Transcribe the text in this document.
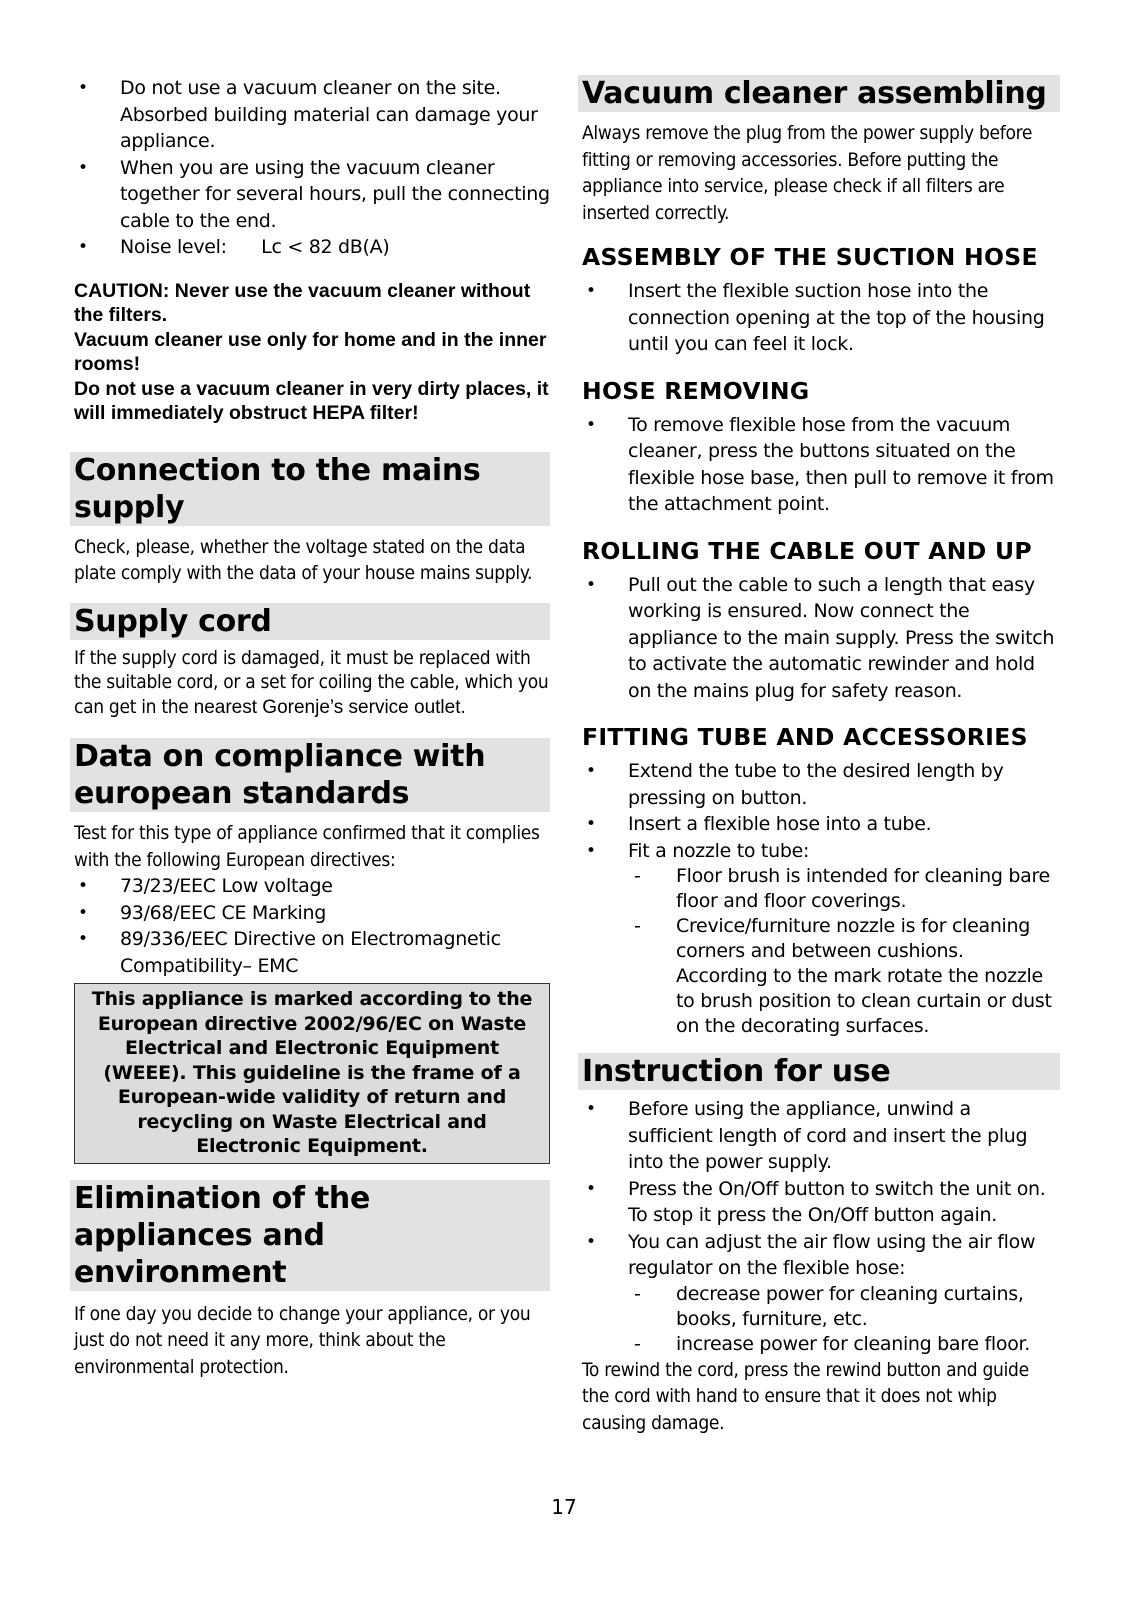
• Do not use a vacuum cleaner on the site. Absorbed building material can damage your appliance.
• When you are using the vacuum cleaner together for several hours, pull the connecting cable to the end.
• Noise level:      Lc < 82 dB(A)
CAUTION: Never use the vacuum cleaner without the filters.
Vacuum cleaner use only for home and in the inner rooms!
Do not use a vacuum cleaner in very dirty places, it will immediately obstruct HEPA filter!
Connection to the mains supply
Check, please, whether the voltage stated on the data plate comply with the data of your house mains supply.
Supply cord
If the supply cord is damaged, it must be replaced with the suitable cord, or a set for coiling the cable, which you can get in the nearest Gorenje’s service outlet.
Data on compliance with european standards
Test for this type of appliance confirmed that it complies with the following European directives:
• 73/23/EEC Low voltage
• 93/68/EEC CE Marking
• 89/336/EEC Directive on Electromagnetic Compatibility– EMC
This appliance is marked according to the European directive 2002/96/EC on Waste Electrical and Electronic Equipment (WEEE). This guideline is the frame of a European-wide validity of return and recycling on Waste Electrical and Electronic Equipment.
Elimination of the appliances and environment
If one day you decide to change your appliance, or you just do not need it any more, think about the environmental protection.
Vacuum cleaner assembling
Always remove the plug from the power supply before fitting or removing accessories. Before putting the appliance into service, please check if all filters are inserted correctly.
ASSEMBLY OF THE SUCTION HOSE
• Insert the flexible suction hose into the connection opening at the top of the housing until you can feel it lock.
HOSE REMOVING
• To remove flexible hose from the vacuum cleaner, press the buttons situated on the flexible hose base, then pull to remove it from the attachment point.
ROLLING THE CABLE OUT AND UP
• Pull out the cable to such a length that easy working is ensured. Now connect the appliance to the main supply. Press the switch to activate the automatic rewinder and hold on the mains plug for safety reason.
FITTING TUBE AND ACCESSORIES
• Extend the tube to the desired length by pressing on button.
• Insert a flexible hose into a tube.
• Fit a nozzle to tube:
- Floor brush is intended for cleaning bare floor and floor coverings.
- Crevice/furniture nozzle is for cleaning corners and between cushions. According to the mark rotate the nozzle to brush position to clean curtain or dust on the decorating surfaces.
Instruction for use
• Before using the appliance, unwind a sufficient length of cord and insert the plug into the power supply.
• Press the On/Off button to switch the unit on. To stop it press the On/Off button again.
• You can adjust the air flow using the air flow regulator on the flexible hose:
- decrease power for cleaning curtains, books, furniture, etc.
- increase power for cleaning bare floor.
To rewind the cord, press the rewind button and guide the cord with hand to ensure that it does not whip causing damage.
17
